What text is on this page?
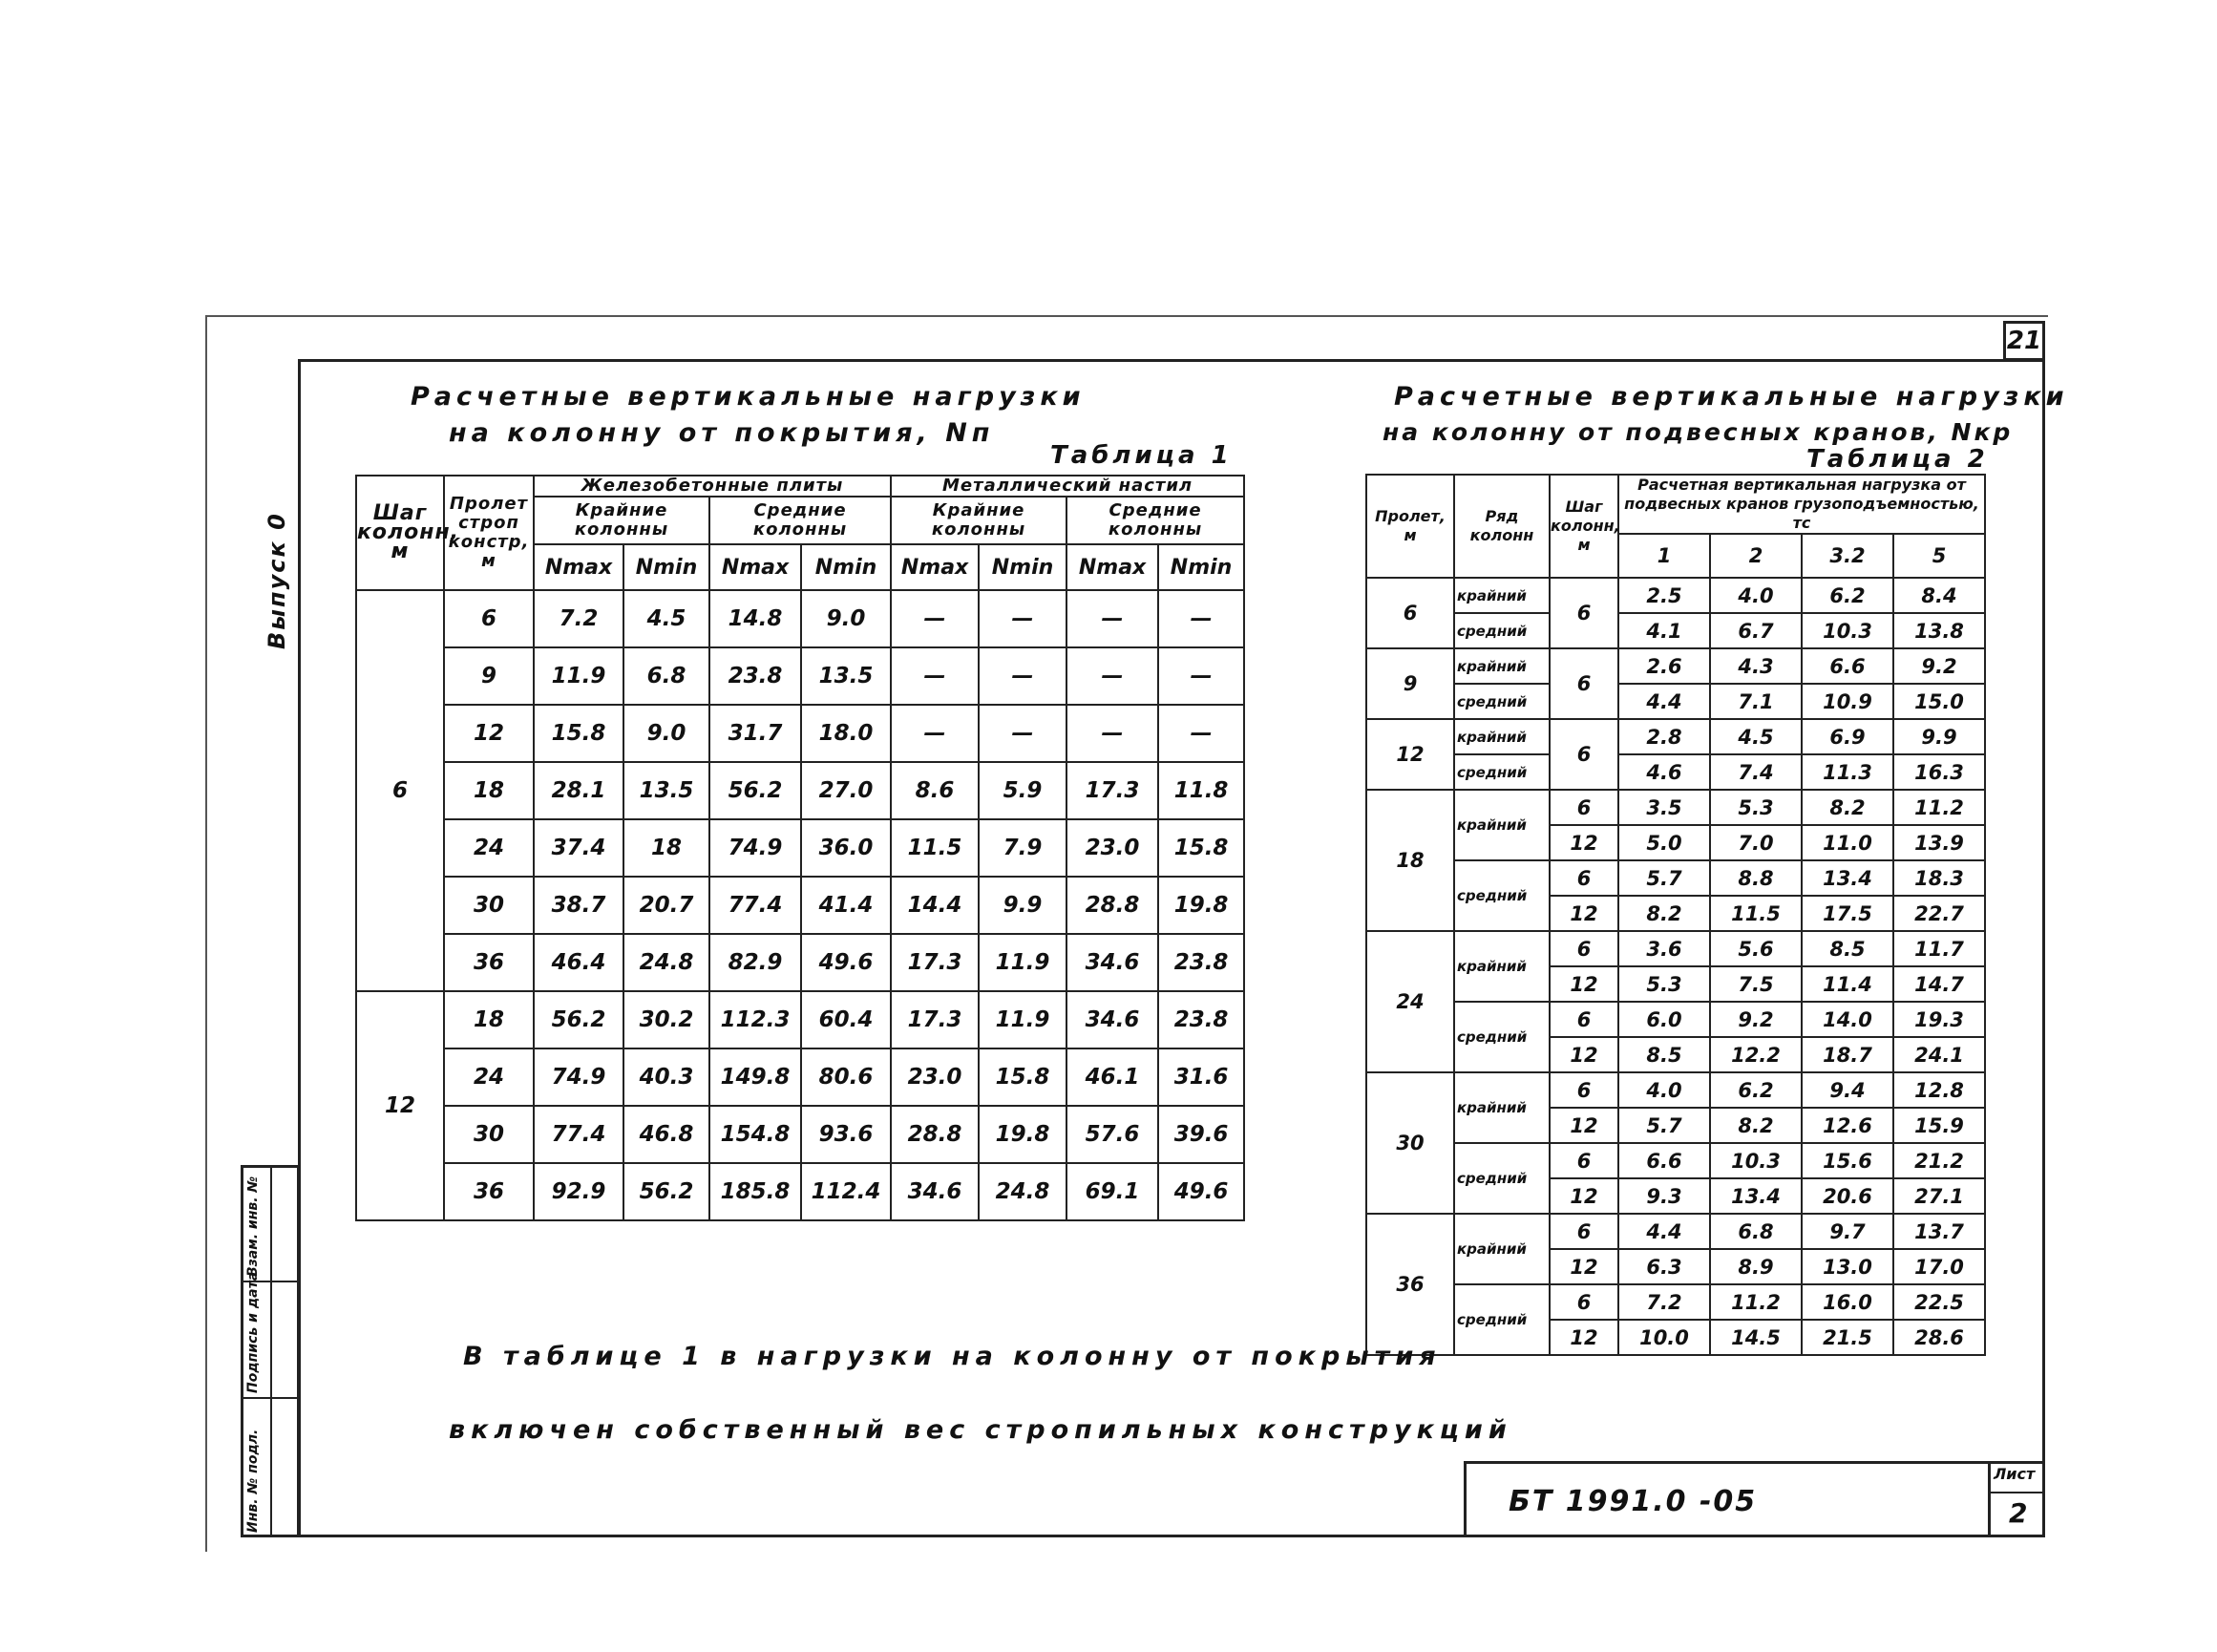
21
Выпуск 0
Инв. № подл.
Подпись и дата
Взам. инв. №
Расчетные вертикальные нагрузки
на колонну от покрытия, Nп
Таблица 1
Шаг колонн, м	Пролет строп констр, м	Железобетонные плиты				Металлический настил			
		Крайние колонны		Средние колонны		Крайние колонны		Средние колонны	
		Nmax	Nmin	Nmax	Nmin	Nmax	Nmin	Nmax	Nmin
6	6	7.2	4.5	14.8	9.0	—	—	—	—
	9	11.9	6.8	23.8	13.5	—	—	—	—
	12	15.8	9.0	31.7	18.0	—	—	—	—
	18	28.1	13.5	56.2	27.0	8.6	5.9	17.3	11.8
	24	37.4	18	74.9	36.0	11.5	7.9	23.0	15.8
	30	38.7	20.7	77.4	41.4	14.4	9.9	28.8	19.8
	36	46.4	24.8	82.9	49.6	17.3	11.9	34.6	23.8
12	18	56.2	30.2	112.3	60.4	17.3	11.9	34.6	23.8
	24	74.9	40.3	149.8	80.6	23.0	15.8	46.1	31.6
	30	77.4	46.8	154.8	93.6	28.8	19.8	57.6	39.6
	36	92.9	56.2	185.8	112.4	34.6	24.8	69.1	49.6
Расчетные вертикальные нагрузки
на колонну от подвесных кранов, Nкр
Таблица 2
Пролет, м	Ряд колонн	Шаг колонн, м	Расчетная вертикальная нагрузка от подвесных кранов грузоподъемностью, тс			
			1	2	3.2	5
6	крайний	6	2.5	4.0	6.2	8.4
	средний		4.1	6.7	10.3	13.8
9	крайний	6	2.6	4.3	6.6	9.2
	средний		4.4	7.1	10.9	15.0
12	крайний	6	2.8	4.5	6.9	9.9
	средний		4.6	7.4	11.3	16.3
18	крайний	6	3.5	5.3	8.2	11.2
		12	5.0	7.0	11.0	13.9
	средний	6	5.7	8.8	13.4	18.3
		12	8.2	11.5	17.5	22.7
24	крайний	6	3.6	5.6	8.5	11.7
		12	5.3	7.5	11.4	14.7
	средний	6	6.0	9.2	14.0	19.3
		12	8.5	12.2	18.7	24.1
30	крайний	6	4.0	6.2	9.4	12.8
		12	5.7	8.2	12.6	15.9
	средний	6	6.6	10.3	15.6	21.2
		12	9.3	13.4	20.6	27.1
36	крайний	6	4.4	6.8	9.7	13.7
		12	6.3	8.9	13.0	17.0
	средний	6	7.2	11.2	16.0	22.5
		12	10.0	14.5	21.5	28.6
В таблице 1 в нагрузки на колонну от покрытия
включен собственный вес стропильных конструкций
БТ 1991.0 -05
Лист
2
